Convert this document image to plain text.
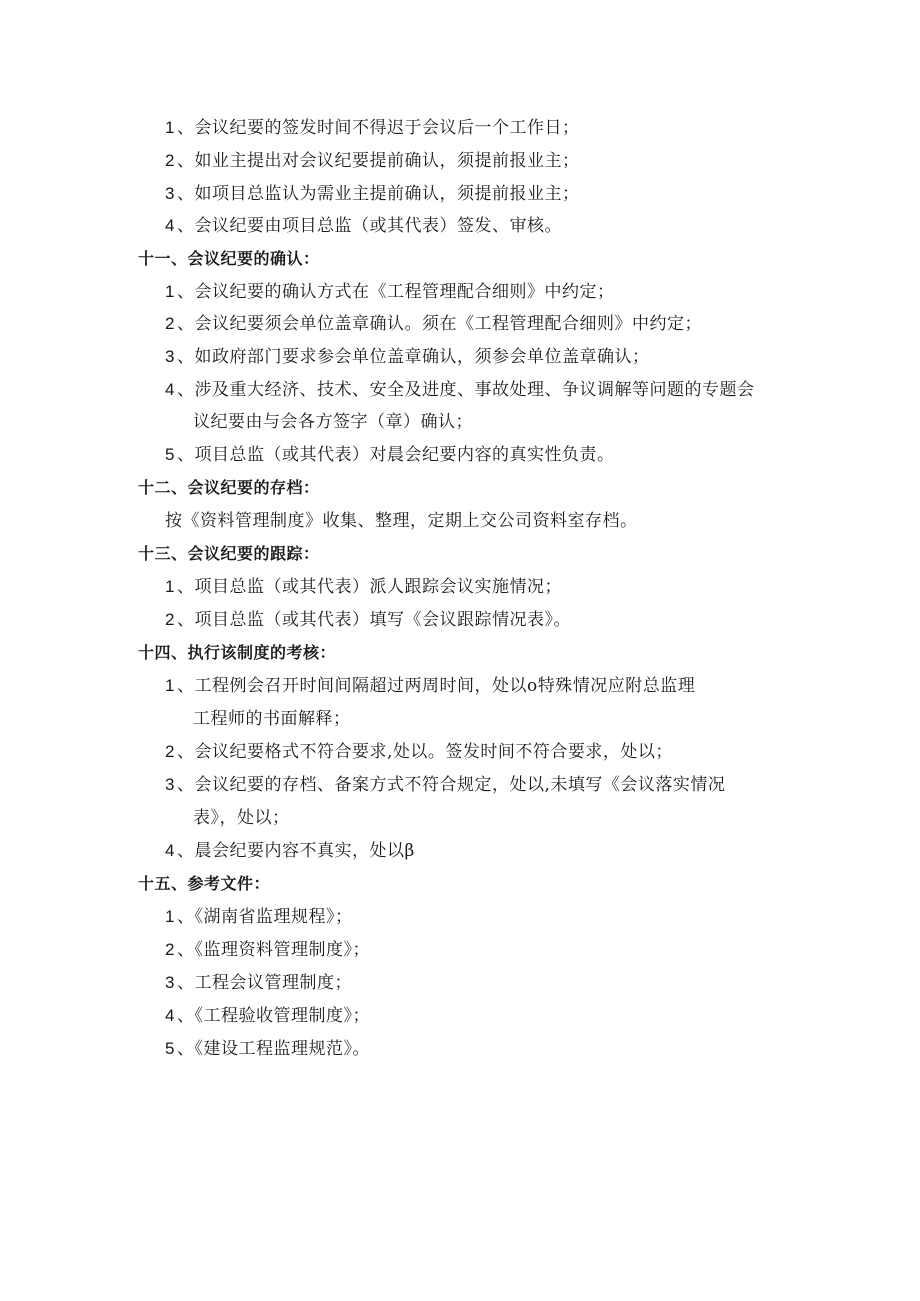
1 、会议纪要的签发时间不得迟于会议后一个工作日；
2 、如业主提出对会议纪要提前确认，须提前报业主；
3 、如项目总监认为需业主提前确认，须提前报业主；
4 、会议纪要由项目总监（或其代表）签发、审核。
十一、会议纪要的确认：
1 、会议纪要的确认方式在《工程管理配合细则》中约定；
2 、会议纪要须会单位盖章确认。须在《工程管理配合细则》中约定；
3 、如政府部门要求参会单位盖章确认，须参会单位盖章确认；
4 、涉及重大经济、技术、安全及进度、事故处理、争议调解等问题的专题会
议纪要由与会各方签字（章）确认；
5 、项目总监（或其代表）对晨会纪要内容的真实性负责。
十二、会议纪要的存档：
按《资料管理制度》收集、整理，定期上交公司资料室存档。
十三、会议纪要的跟踪：
1 、项目总监（或其代表）派人跟踪会议实施情况；
2 、项目总监（或其代表）填写《会议跟踪情况表》。
十四、执行该制度的考核：
1 、工程例会召开时间间隔超过两周时间，处以o特殊情况应附总监理
工程师的书面解释；
2 、会议纪要格式不符合要求,处以。签发时间不符合要求，处以；
3 、会议纪要的存档、备案方式不符合规定，处以,未填写《会议落实情况
表》，处以；
4 、晨会纪要内容不真实，处以β
十五、参考文件：
1 、《湖南省监理规程》；
2 、《监理资料管理制度》；
3 、工程会议管理制度；
4 、《工程验收管理制度》；
5 、《建设工程监理规范》。
